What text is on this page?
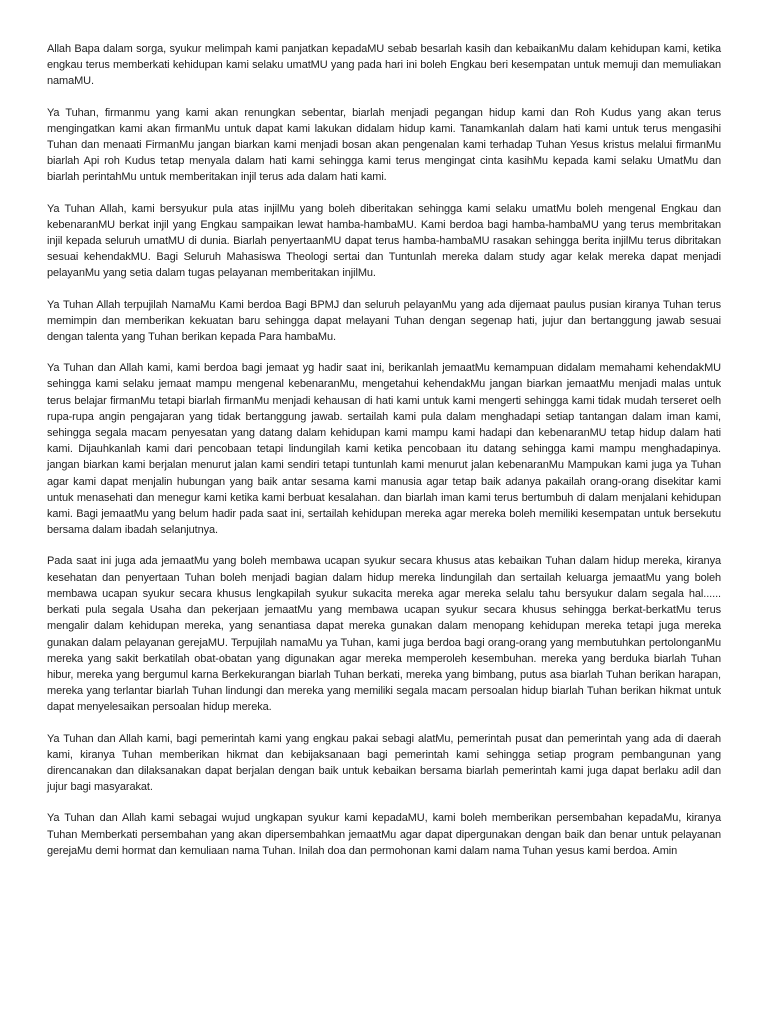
Allah Bapa dalam sorga, syukur melimpah kami panjatkan kepadaMU sebab besarlah kasih dan kebaikanMu dalam kehidupan kami, ketika engkau terus memberkati kehidupan kami selaku umatMU yang pada hari ini boleh Engkau beri kesempatan untuk memuji dan memuliakan namaMU.

Ya Tuhan, firmanmu yang kami akan renungkan sebentar, biarlah menjadi pegangan hidup kami dan Roh Kudus yang akan terus mengingatkan kami akan firmanMu untuk dapat kami lakukan didalam hidup kami. Tanamkanlah dalam hati kami untuk terus mengasihi Tuhan dan menaati FirmanMu jangan biarkan kami menjadi bosan akan pengenalan kami terhadap Tuhan Yesus kristus melalui firmanMu biarlah Api roh Kudus tetap menyala dalam hati kami sehingga kami terus mengingat cinta kasihMu kepada kami selaku UmatMu dan biarlah perintahMu untuk memberitakan injil terus ada dalam hati kami.

Ya Tuhan Allah, kami bersyukur pula atas injilMu yang boleh diberitakan sehingga kami selaku umatMu boleh mengenal Engkau dan kebenaranMU berkat injil yang Engkau sampaikan lewat hamba-hambaMU. Kami berdoa bagi hamba-hambaMU yang terus membritakan injil kepada seluruh umatMU di dunia. Biarlah penyertaanMU dapat terus hamba-hambaMU rasakan sehingga berita injilMu terus dibritakan sesuai kehendakMU. Bagi Seluruh Mahasiswa Theologi sertai dan Tuntunlah mereka dalam study agar kelak mereka dapat menjadi pelayanMu yang setia dalam tugas pelayanan memberitakan injilMu.

Ya Tuhan Allah terpujilah NamaMu Kami berdoa Bagi BPMJ dan seluruh pelayanMu yang ada dijemaat paulus pusian kiranya Tuhan terus memimpin dan memberikan kekuatan baru sehingga dapat melayani Tuhan dengan segenap hati, jujur dan bertanggung jawab sesuai dengan talenta yang Tuhan berikan kepada Para hambaMu.

Ya Tuhan dan Allah kami, kami berdoa bagi jemaat yg hadir saat ini, berikanlah jemaatMu kemampuan didalam memahami kehendakMU sehingga kami selaku jemaat mampu mengenal kebenaranMu, mengetahui kehendakMu jangan biarkan jemaatMu menjadi malas untuk terus belajar firmanMu tetapi biarlah firmanMu menjadi kehausan di hati kami untuk kami mengerti sehingga kami tidak mudah terseret oelh rupa-rupa angin pengajaran yang tidak bertanggung jawab. sertailah kami pula dalam menghadapi setiap tantangan dalam iman kami, sehingga segala macam penyesatan yang datang dalam kehidupan kami mampu kami hadapi dan kebenaranMU tetap hidup dalam hati kami. Dijauhkanlah kami dari pencobaan tetapi lindungilah kami ketika pencobaan itu datang sehingga kami mampu menghadapinya. jangan biarkan kami berjalan menurut jalan kami sendiri tetapi tuntunlah kami menurut jalan kebenaranMu Mampukan kami juga ya Tuhan agar kami dapat menjalin hubungan yang baik antar sesama kami manusia agar tetap baik adanya pakailah orang-orang disekitar kami untuk menasehati dan menegur kami ketika kami berbuat kesalahan. dan biarlah iman kami terus bertumbuh di dalam menjalani kehidupan kami. Bagi jemaatMu yang belum hadir pada saat ini, sertailah kehidupan mereka agar mereka boleh memiliki kesempatan untuk bersekutu bersama dalam ibadah selanjutnya.

Pada saat ini juga ada jemaatMu yang boleh membawa ucapan syukur secara khusus atas kebaikan Tuhan dalam hidup mereka, kiranya kesehatan dan penyertaan Tuhan boleh menjadi bagian dalam hidup mereka lindungilah dan sertailah keluarga jemaatMu yang boleh membawa ucapan syukur secara khusus lengkapilah syukur sukacita mereka agar mereka selalu tahu bersyukur dalam segala hal...... berkati pula segala Usaha dan pekerjaan jemaatMu yang membawa ucapan syukur secara khusus sehingga berkat-berkatMu terus mengalir dalam kehidupan mereka, yang senantiasa dapat mereka gunakan dalam menopang kehidupan mereka tetapi juga mereka gunakan dalam pelayanan gerejaMU. Terpujilah namaMu ya Tuhan, kami juga berdoa bagi orang-orang yang membutuhkan pertolonganMu mereka yang sakit berkatilah obat-obatan yang digunakan agar mereka memperoleh kesembuhan. mereka yang berduka biarlah Tuhan hibur, mereka yang bergumul karna Berkekurangan biarlah Tuhan berkati, mereka yang bimbang, putus asa biarlah Tuhan berikan harapan, mereka yang terlantar biarlah Tuhan lindungi dan mereka yang memiliki segala macam persoalan hidup biarlah Tuhan berikan hikmat untuk dapat menyelesaikan persoalan hidup mereka.

Ya Tuhan dan Allah kami, bagi pemerintah kami yang engkau pakai sebagi alatMu, pemerintah pusat dan pemerintah yang ada di daerah kami, kiranya Tuhan memberikan hikmat dan kebijaksanaan bagi pemerintah kami sehingga setiap program pembangunan yang direncanakan dan dilaksanakan dapat berjalan dengan baik untuk kebaikan bersama biarlah pemerintah kami juga dapat berlaku adil dan jujur bagi masyarakat.

Ya Tuhan dan Allah kami sebagai wujud ungkapan syukur kami kepadaMU, kami boleh memberikan persembahan kepadaMu, kiranya Tuhan Memberkati persembahan yang akan dipersembahkan jemaatMu agar dapat dipergunakan dengan baik dan benar untuk pelayanan gerejaMu demi hormat dan kemuliaan nama Tuhan. Inilah doa dan permohonan kami dalam nama Tuhan yesus kami berdoa. Amin
